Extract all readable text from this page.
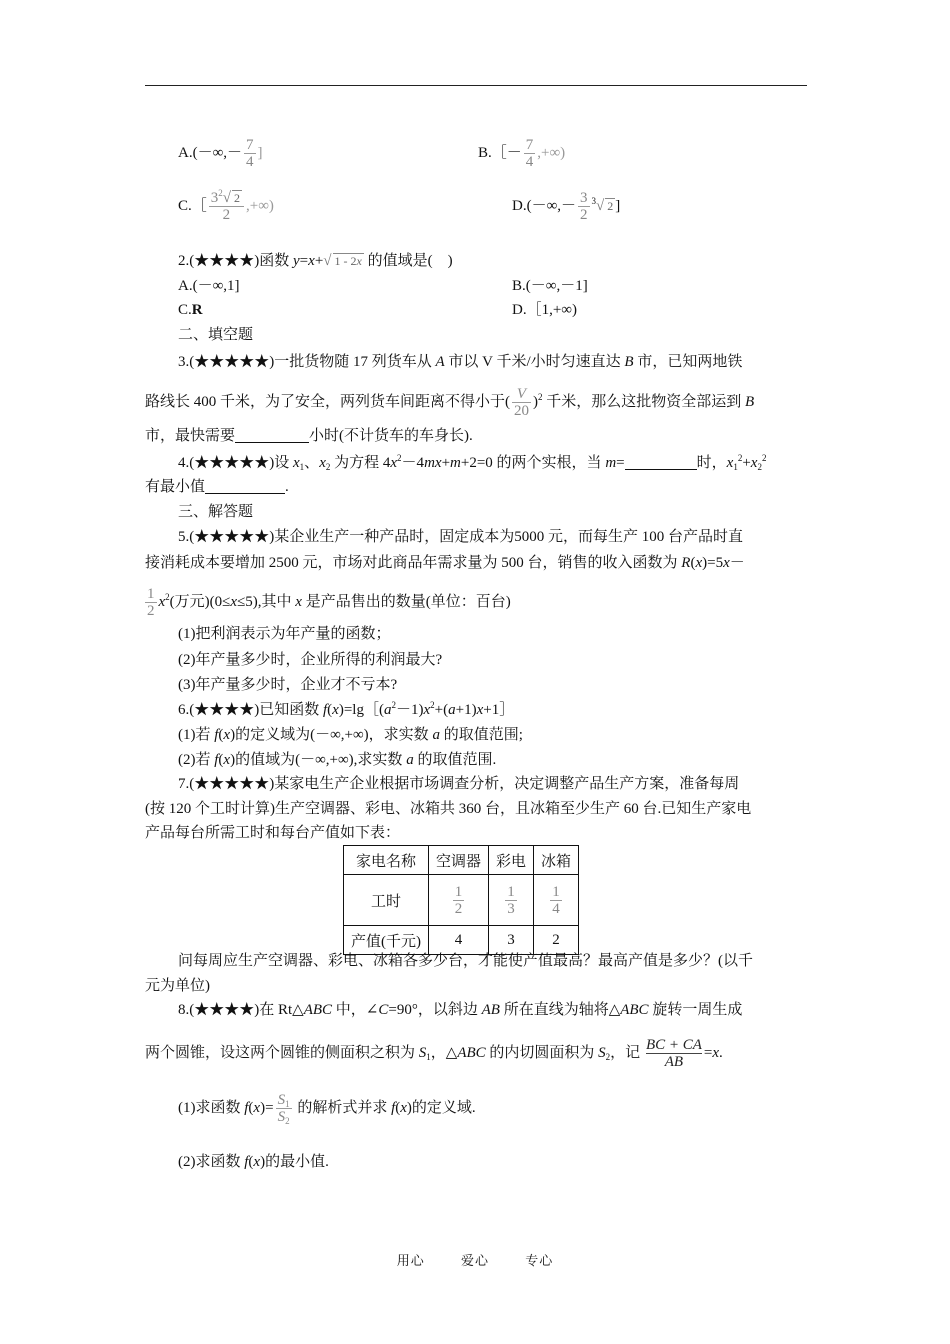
$A.(-\infty,- \frac{7}{4}$ ]	B.［－ $\frac{7}{4}$ ,+∞)
C.［ $\frac{3^2√ 2}{2}$ ,+∞)	$D.(-\infty,- \frac{3}{2} ^3√$ 2 ]
2.(★★★★)函数 y=x+√ 1 - 2x 的值域是(　)
A.(－∞,1]	B.(－∞,－1]
C.R	D.［1,+∞)
二、填空题
3.(★★★★★)一批货物随 17 列货车从 A 市以 V 千米/小时匀速直达 B 市，已知两地铁
路线长 400 千米，为了安全，两列货车间距离不得小于( $\frac{V}{20} )^2$ 千米，那么这批物资全部运到 B
市，最快需要	小时(不计货车的车身长).
4.(★★★★★)设 $x_1$、$x_2$ 为方程 $4x^2-4mx+m+2=0$ 的两个实根，当 m=	时，$x_1^2+x_2^2$
有最小值	.
三、解答题
5.(★★★★★)某企业生产一种产品时，固定成本为5000 元，而每生产 100 台产品时直
接消耗成本要增加 2500 元，市场对此商品年需求量为 500 台，销售的收入函数为 R(x)=5x－
$\frac{1}{2} x^2$(万元)(0≤x≤5),其中 x 是产品售出的数量(单位：百台)
(1)把利润表示为年产量的函数；
(2)年产量多少时，企业所得的利润最大?
(3)年产量多少时，企业才不亏本?
6.(★★★★)已知函数 $f(x)=\lg[(a^2-1)x^2+(a+1)x+1]$
(1)若 f(x)的定义域为(－∞,+∞)，求实数 a 的取值范围;
(2)若 f(x)的值域为(－∞,+∞),求实数 a 的取值范围.
7.(★★★★★)某家电生产企业根据市场调查分析，决定调整产品生产方案，准备每周
(按 120 个工时计算)生产空调器、彩电、冰箱共 360 台，且冰箱至少生产 60 台.已知生产家电
产品每台所需工时和每台产值如下表：
家电名称	空调器	彩电	冰箱
工时	$\frac{1}{2}$	$\frac{1}{3}$	$\frac{1}{4}$

产值(千元)	4	3	2
问每周应生产空调器、彩电、冰箱各多少台，才能使产值最高？最高产值是多少？(以千
元为单位)
8.(★★★★)在 Rt△ABC 中，∠C=90°，以斜边 AB 所在直线为轴将△ABC 旋转一周生成
两个圆锥，设这两个圆锥的侧面积之积为 $S_1$，△ABC 的内切圆面积为 $S_2$，记 $\frac{BC + CA}{AB} =x$.
(1)求函数 $f(x)= \frac{S_1}{S_2}$ 的解析式并求 f(x)的定义域.
(2)求函数 f(x)的最小值.
用心	爱心	专心
